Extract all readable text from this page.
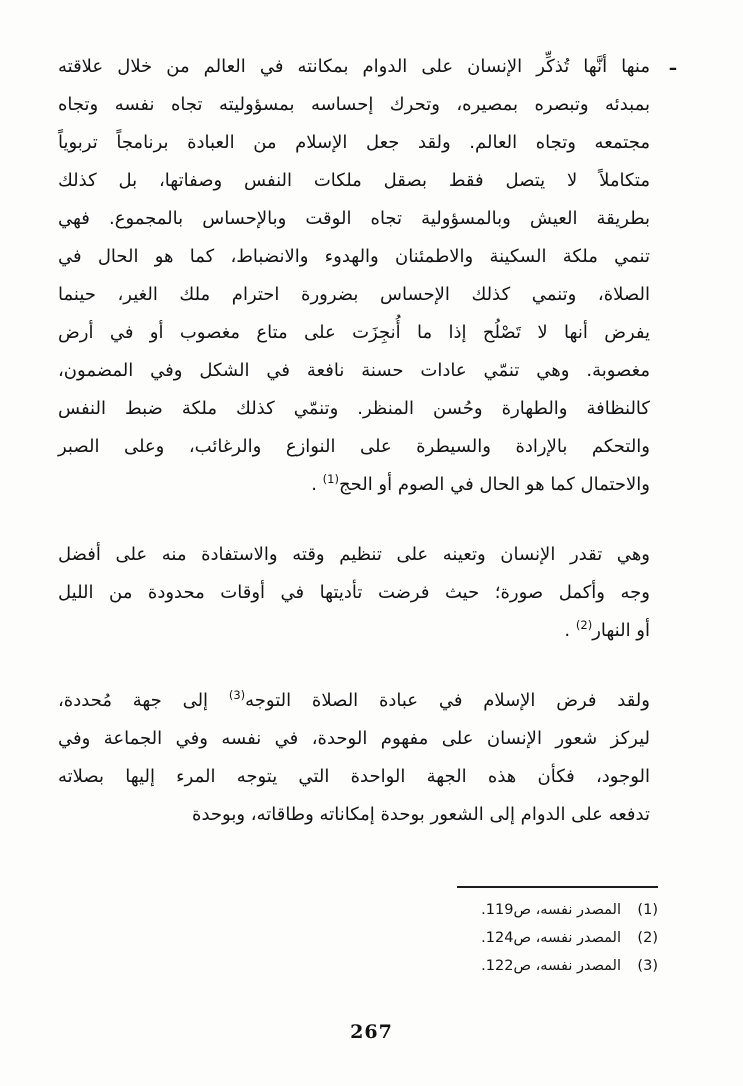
ـ
منها أنَّها تُذكِّر الإنسان على الدوام بمكانته في العالم من خلال علاقته
بمبدئه وتبصره بمصيره، وتحرك إحساسه بمسؤوليته تجاه نفسه وتجاه
مجتمعه وتجاه العالم. ولقد جعل الإسلام من العبادة برنامجاً تربوياً
متكاملاً لا يتصل فقط بصقل ملكات النفس وصفاتها، بل كذلك
بطريقة العيش وبالمسؤولية تجاه الوقت وبالإحساس بالمجموع. فهي
تنمي ملكة السكينة والاطمئنان والهدوء والانضباط، كما هو الحال في
الصلاة، وتنمي كذلك الإحساس بضرورة احترام ملك الغير، حينما
يفرض أنها لا تَصْلُح إذا ما أُنجِزَت على متاع مغصوب أو في أرض
مغصوبة. وهي تنمّي عادات حسنة نافعة في الشكل وفي المضمون،
كالنظافة والطهارة وحُسن المنظر. وتنمّي كذلك ملكة ضبط النفس
والتحكم بالإرادة والسيطرة على النوازع والرغائب، وعلى الصبر
والاحتمال كما هو الحال في الصوم أو الحج$^{(1)}$ .
وهي تقدر الإنسان وتعينه على تنظيم وقته والاستفادة منه على أفضل
وجه وأكمل صورة؛ حيث فرضت تأديتها في أوقات محدودة من الليل
أو النهار$^{(2)}$ .
ولقد فرض الإسلام في عبادة الصلاة التوجه$^{(3)}$ إلى جهة مُحددة،
ليركز شعور الإنسان على مفهوم الوحدة، في نفسه وفي الجماعة وفي
الوجود، فكأن هذه الجهة الواحدة التي يتوجه المرء إليها بصلاته
تدفعه على الدوام إلى الشعور بوحدة إمكاناته وطاقاته، وبوحدة
(1)
المصدر نفسه، ص119.
(2)
المصدر نفسه، ص124.
(3)
المصدر نفسه، ص122.
267
